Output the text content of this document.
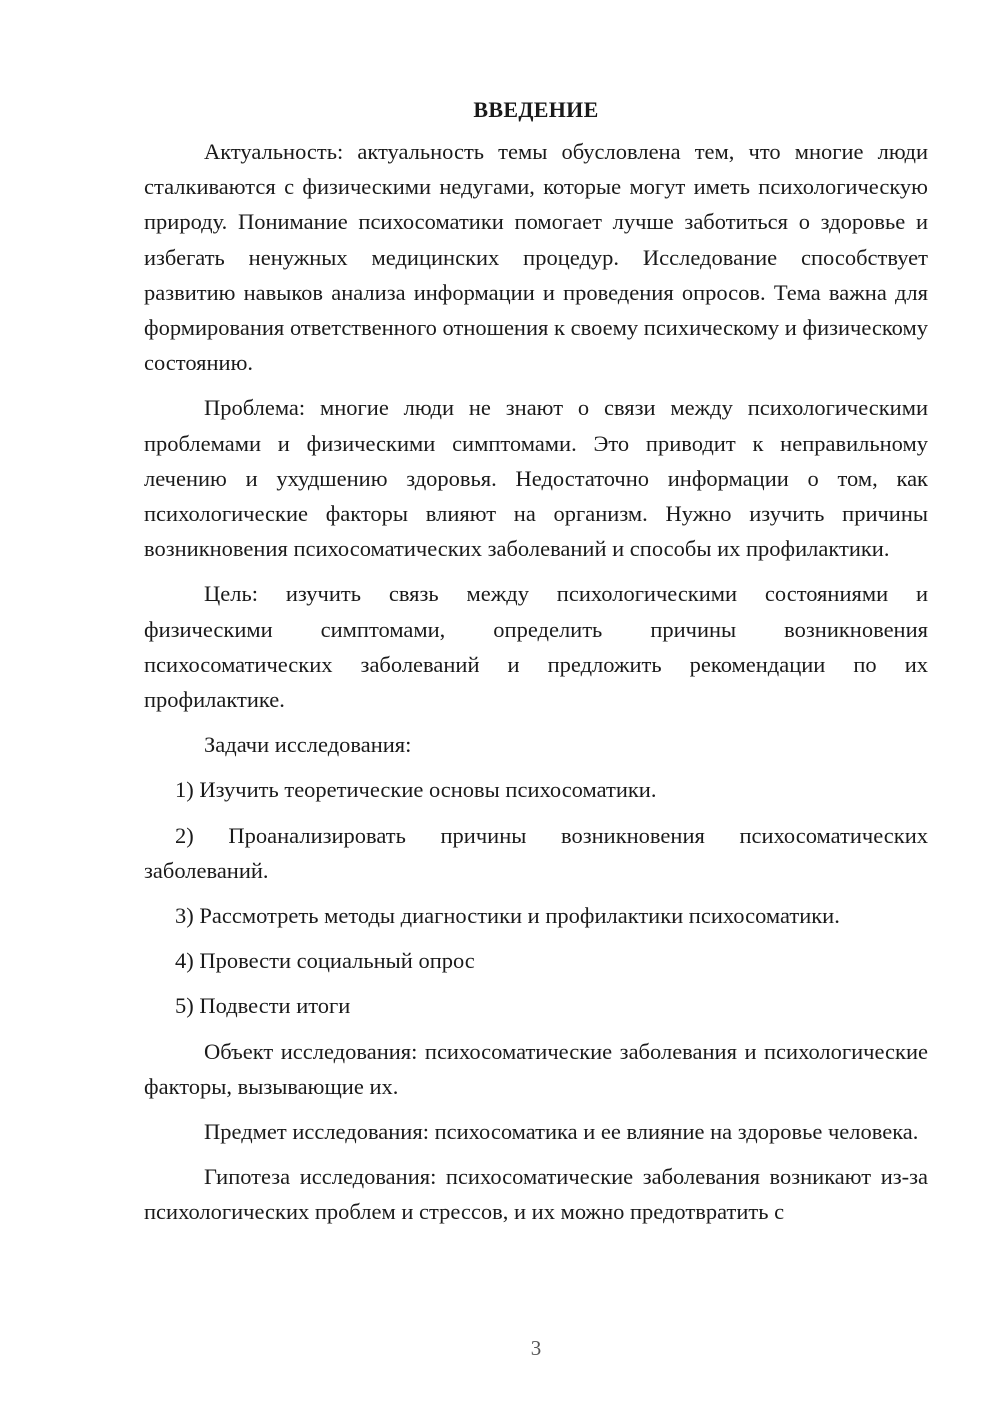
ВВЕДЕНИЕ

Актуальность: актуальность темы обусловлена тем, что многие люди сталкиваются с физическими недугами, которые могут иметь психологическую природу. Понимание психосоматики помогает лучше заботиться о здоровье и избегать ненужных медицинских процедур. Исследование способствует развитию навыков анализа информации и проведения опросов. Тема важна для формирования ответственного отношения к своему психическому и физическому состоянию.

Проблема: многие люди не знают о связи между психологическими проблемами и физическими симптомами. Это приводит к неправильному лечению и ухудшению здоровья. Недостаточно информации о том, как психологические факторы влияют на организм. Нужно изучить причины возникновения психосоматических заболеваний и способы их профилактики.

Цель: изучить связь между психологическими состояниями и физическими симптомами, определить причины возникновения психосоматических заболеваний и предложить рекомендации по их профилактике.

Задачи исследования:

1) Изучить теоретические основы психосоматики.

2) Проанализировать причины возникновения психосоматических заболеваний.

3) Рассмотреть методы диагностики и профилактики психосоматики.

4) Провести социальный опрос

5) Подвести итоги

Объект исследования: психосоматические заболевания и психологические факторы, вызывающие их.

Предмет исследования: психосоматика и ее влияние на здоровье человека.

Гипотеза исследования: психосоматические заболевания возникают из-за психологических проблем и стрессов, и их можно предотвратить с

3
